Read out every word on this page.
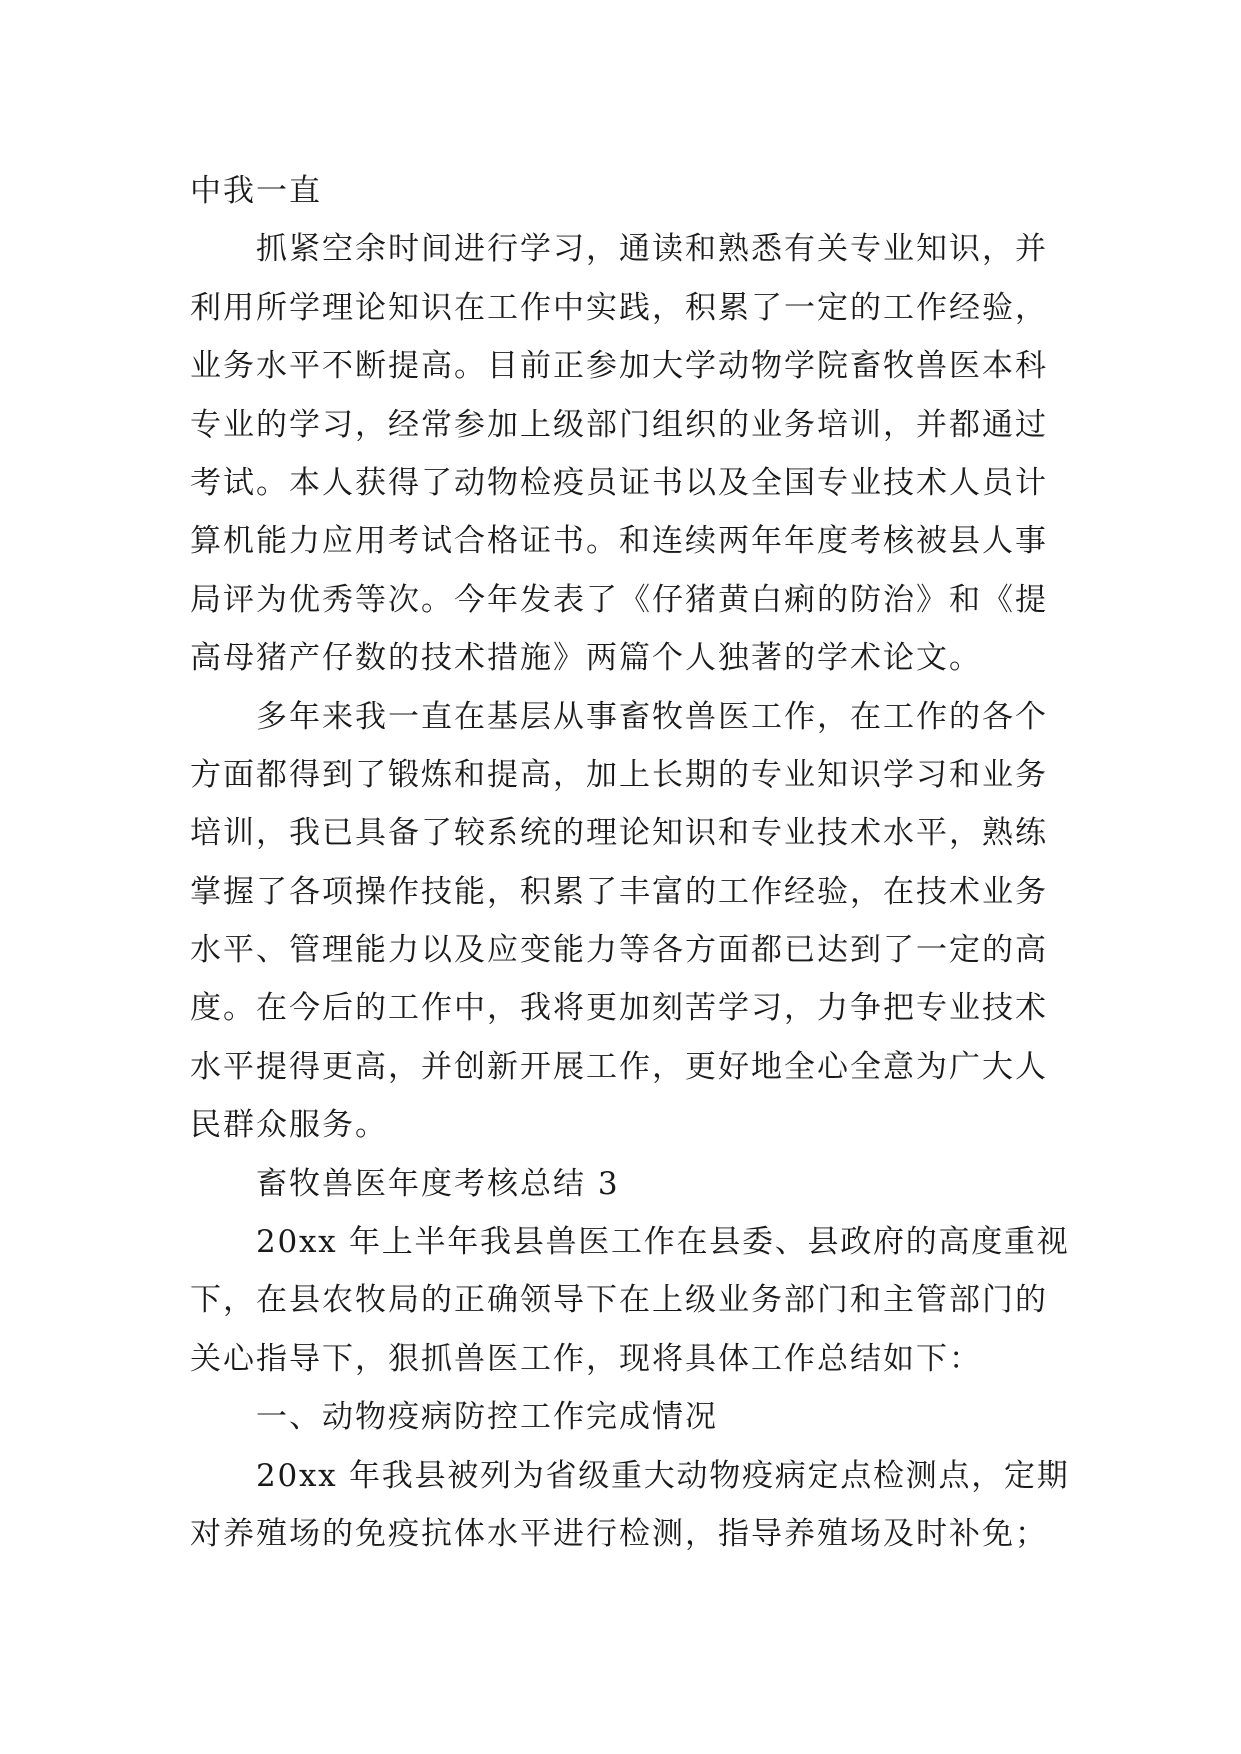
中我一直
抓紧空余时间进行学习，通读和熟悉有关专业知识，并
利用所学理论知识在工作中实践，积累了一定的工作经验，
业务水平不断提高。目前正参加大学动物学院畜牧兽医本科
专业的学习，经常参加上级部门组织的业务培训，并都通过
考试。本人获得了动物检疫员证书以及全国专业技术人员计
算机能力应用考试合格证书。和连续两年年度考核被县人事
局评为优秀等次。今年发表了《仔猪黄白痢的防治》和《提
高母猪产仔数的技术措施》两篇个人独著的学术论文。
多年来我一直在基层从事畜牧兽医工作，在工作的各个
方面都得到了锻炼和提高，加上长期的专业知识学习和业务
培训，我已具备了较系统的理论知识和专业技术水平，熟练
掌握了各项操作技能，积累了丰富的工作经验，在技术业务
水平、管理能力以及应变能力等各方面都已达到了一定的高
度。在今后的工作中，我将更加刻苦学习，力争把专业技术
水平提得更高，并创新开展工作，更好地全心全意为广大人
民群众服务。
畜牧兽医年度考核总结 3
20xx 年上半年我县兽医工作在县委、县政府的高度重视
下，在县农牧局的正确领导下在上级业务部门和主管部门的
关心指导下，狠抓兽医工作，现将具体工作总结如下：
一、动物疫病防控工作完成情况
20xx 年我县被列为省级重大动物疫病定点检测点，定期
对养殖场的免疫抗体水平进行检测，指导养殖场及时补免；
